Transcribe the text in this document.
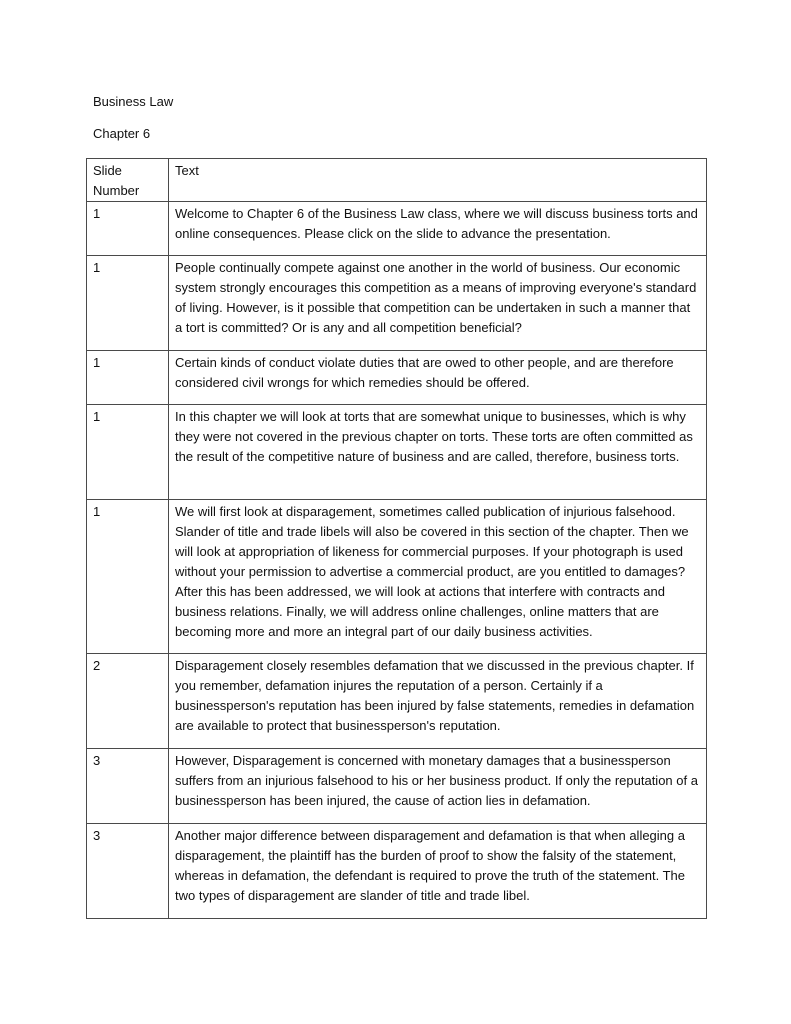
Business Law
Chapter 6
Slide Number	Text
1	Welcome to Chapter 6 of the Business Law class, where we will discuss business torts and online consequences. Please click on the slide to advance the presentation.
1	People continually compete against one another in the world of business. Our economic system strongly encourages this competition as a means of improving everyone's standard of living. However, is it possible that competition can be undertaken in such a manner that a tort is committed? Or is any and all competition beneficial?
1	Certain kinds of conduct violate duties that are owed to other people, and are therefore considered civil wrongs for which remedies should be offered.
1	In this chapter we will look at torts that are somewhat unique to businesses, which is why they were not covered in the previous chapter on torts. These torts are often committed as the result of the competitive nature of business and are called, therefore, business torts.
1	We will first look at disparagement, sometimes called publication of injurious falsehood. Slander of title and trade libels will also be covered in this section of the chapter. Then we will look at appropriation of likeness for commercial purposes. If your photograph is used without your permission to advertise a commercial product, are you entitled to damages? After this has been addressed, we will look at actions that interfere with contracts and business relations. Finally, we will address online challenges, online matters that are becoming more and more an integral part of our daily business activities.
2	Disparagement closely resembles defamation that we discussed in the previous chapter. If you remember, defamation injures the reputation of a person. Certainly if a businessperson's reputation has been injured by false statements, remedies in defamation are available to protect that businessperson's reputation.
3	However, Disparagement is concerned with monetary damages that a businessperson suffers from an injurious falsehood to his or her business product. If only the reputation of a businessperson has been injured, the cause of action lies in defamation.
3	Another major difference between disparagement and defamation is that when alleging a disparagement, the plaintiff has the burden of proof to show the falsity of the statement, whereas in defamation, the defendant is required to prove the truth of the statement. The two types of disparagement are slander of title and trade libel.
